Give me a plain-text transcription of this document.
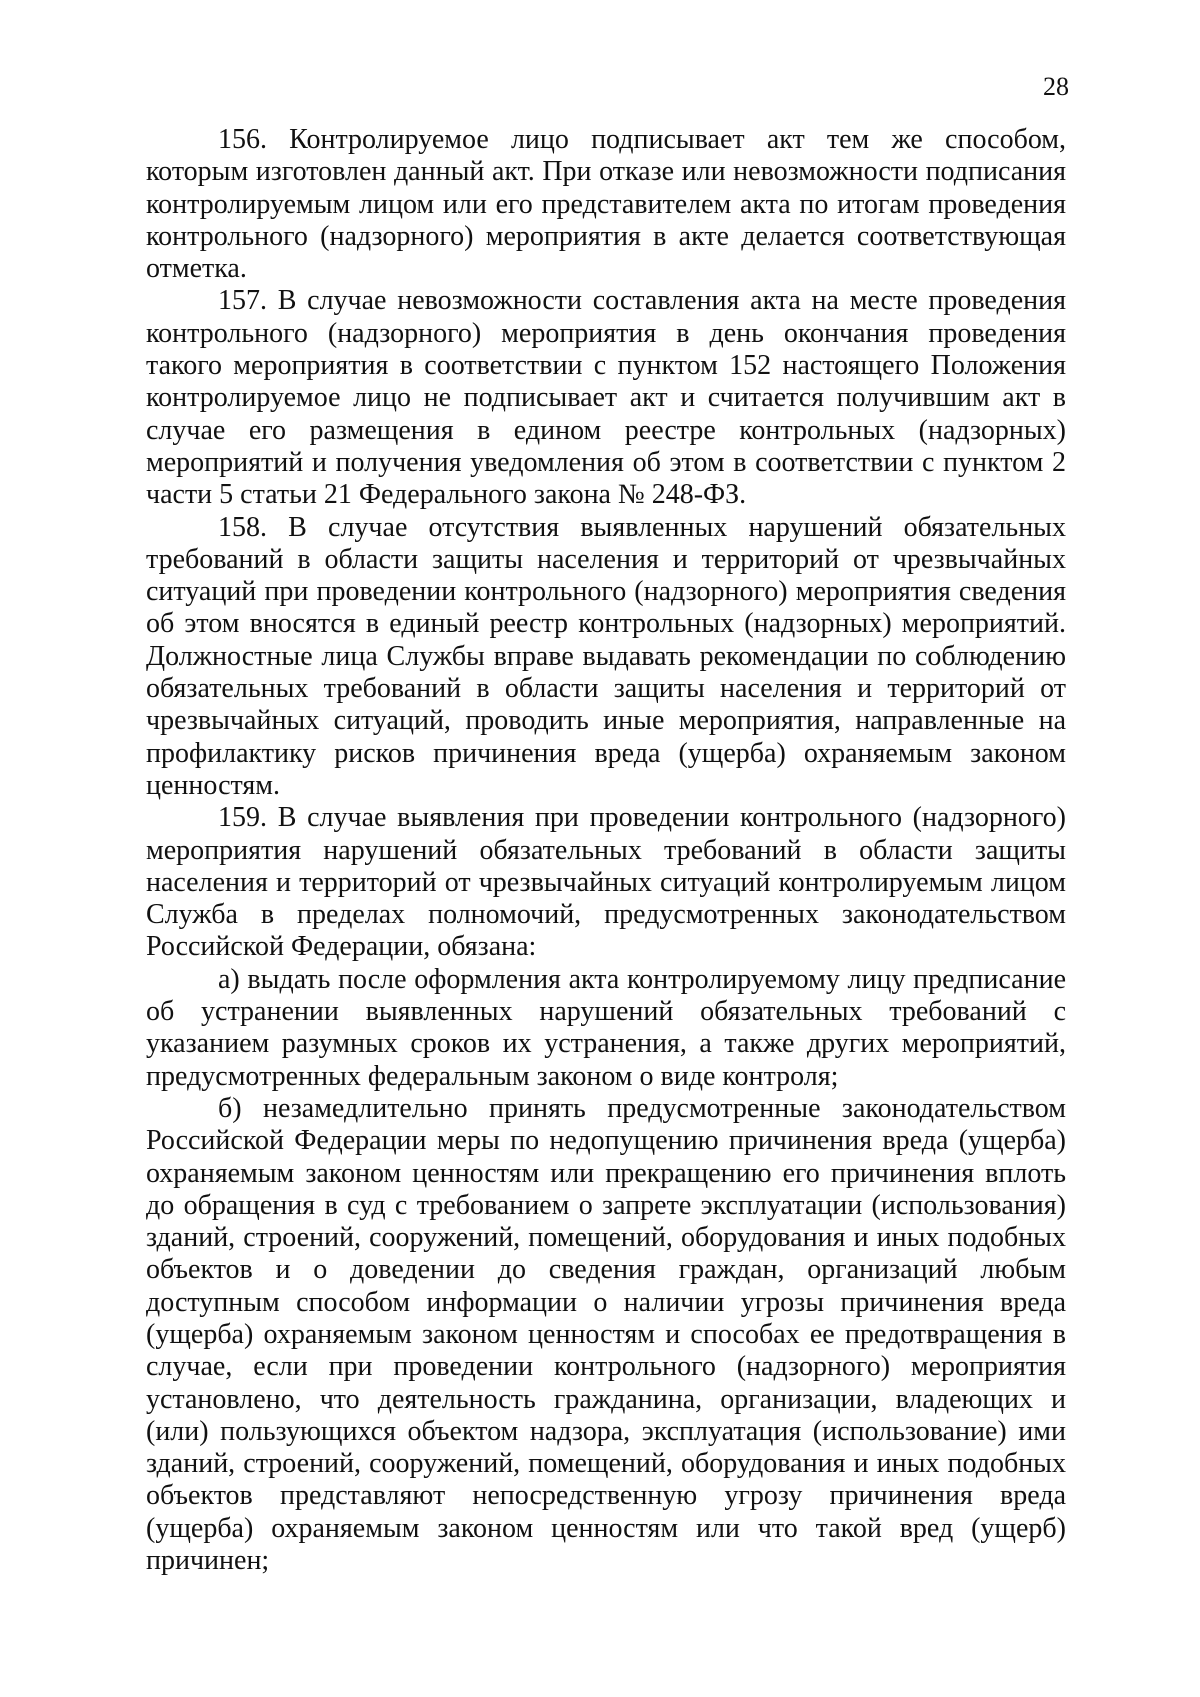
28

156. Контролируемое лицо подписывает акт тем же способом, которым изготовлен данный акт. При отказе или невозможности подписания контролируемым лицом или его представителем акта по итогам проведения контрольного (надзорного) мероприятия в акте делается соответствующая отметка.

157. В случае невозможности составления акта на месте проведения контрольного (надзорного) мероприятия в день окончания проведения такого мероприятия в соответствии с пунктом 152 настоящего Положения контролируемое лицо не подписывает акт и считается получившим акт в случае его размещения в едином реестре контрольных (надзорных) мероприятий и получения уведомления об этом в соответствии с пунктом 2 части 5 статьи 21 Федерального закона № 248-ФЗ.

158. В случае отсутствия выявленных нарушений обязательных требований в области защиты населения и территорий от чрезвычайных ситуаций при проведении контрольного (надзорного) мероприятия сведения об этом вносятся в единый реестр контрольных (надзорных) мероприятий. Должностные лица Службы вправе выдавать рекомендации по соблюдению обязательных требований в области защиты населения и территорий от чрезвычайных ситуаций, проводить иные мероприятия, направленные на профилактику рисков причинения вреда (ущерба) охраняемым законом ценностям.

159. В случае выявления при проведении контрольного (надзорного) мероприятия нарушений обязательных требований в области защиты населения и территорий от чрезвычайных ситуаций контролируемым лицом Служба в пределах полномочий, предусмотренных законодательством Российской Федерации, обязана:

а) выдать после оформления акта контролируемому лицу предписание об устранении выявленных нарушений обязательных требований с указанием разумных сроков их устранения, а также других мероприятий, предусмотренных федеральным законом о виде контроля;

б) незамедлительно принять предусмотренные законодательством Российской Федерации меры по недопущению причинения вреда (ущерба) охраняемым законом ценностям или прекращению его причинения вплоть до обращения в суд с требованием о запрете эксплуатации (использования) зданий, строений, сооружений, помещений, оборудования и иных подобных объектов и о доведении до сведения граждан, организаций любым доступным способом информации о наличии угрозы причинения вреда (ущерба) охраняемым законом ценностям и способах ее предотвращения в случае, если при проведении контрольного (надзорного) мероприятия установлено, что деятельность гражданина, организации, владеющих и (или) пользующихся объектом надзора, эксплуатация (использование) ими зданий, строений, сооружений, помещений, оборудования и иных подобных объектов представляют непосредственную угрозу причинения вреда (ущерба) охраняемым законом ценностям или что такой вред (ущерб) причинен;
